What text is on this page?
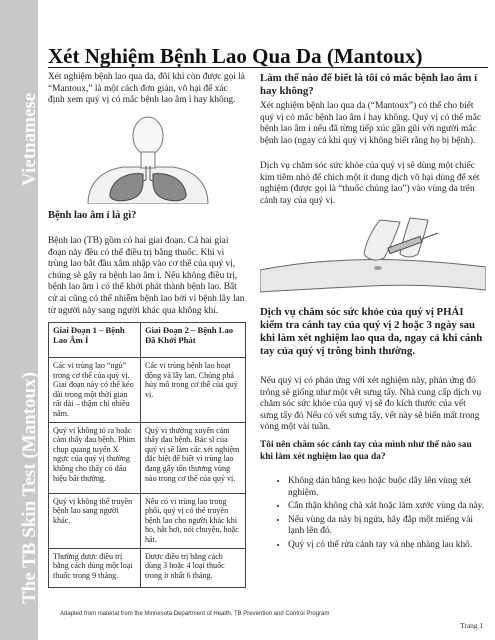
Vietnamese
The TB Skin Test (Mantoux)
Xét Nghiệm Bệnh Lao Qua Da (Mantoux)

Xét nghiệm bệnh lao qua da, đôi khi còn được gọi là “Mantoux,” là một cách đơn giản, vô hại để xác định xem quý vị có mắc bệnh lao âm ỉ hay không.

Bệnh lao âm ỉ là gì?

Bệnh lao (TB) gồm có hai giai đoạn. Cả hai giai đoạn này đều có thể điều trị bằng thuốc. Khi vi trùng lao bắt đầu xâm nhập vào cơ thể của quý vị, chúng sẽ gây ra bệnh lao âm ỉ. Nếu không điều trị, bệnh lao âm ỉ có thể khởi phát thành bệnh lao. Bất cứ ai cũng có thể nhiễm bệnh lao bởi vì bệnh lây lan từ người này sang người khác qua không khí.

Giai Đoạn 1 – Bệnh Lao Âm Ỉ	Giai Đoạn 2 – Bệnh Lao Đã Khởi Phát
Các vi trùng lao “ngủ” trong cơ thể của quý vị. Giai đoạn này có thể kéo dài trong một thời gian rất dài – thậm chí nhiều năm.	Các vi trùng bệnh lao hoạt động và lây lan. Chúng phá hủy mô trong cơ thể của quý vị.
Quý vị không tỏ ra hoặc cảm thấy đau bệnh. Phim chụp quang tuyến X ngực của quý vị thường không cho thấy có dấu hiệu bất thường.	Quý vị thường xuyên cảm thấy đau bệnh. Bác sĩ của quý vị sẽ làm các xét nghiệm đặc biệt để biết vi trùng lao đang gây tổn thương vùng nào trong cơ thể của quý vị.
Quý vị không thể truyền bệnh lao sang người khác.	Nếu có vi trùng lao trong phổi, quý vị có thể truyền bệnh lao cho người khác khi ho, hắt hơi, nói chuyện, hoặc hát.
Thường được điều trị bằng cách dùng một loại thuốc trong 9 tháng.	Được điều trị bằng cách dùng 3 hoặc 4 loại thuốc trong ít nhất 6 tháng.
Làm thế nào để biết là tôi có mắc bệnh lao âm ỉ hay không?

Xét nghiệm bệnh lao qua da (“Mantoux”) có thể cho biết quý vị có mắc bệnh lao âm ỉ hay không. Quý vị có thể mắc bệnh lao âm ỉ nếu đã từng tiếp xúc gần gũi với người mắc bệnh lao (ngay cả khi quý vị không biết rằng họ bị bệnh).

Dịch vụ chăm sóc sức khỏe của quý vị sẽ dùng một chiếc kim tiêm nhỏ để chích một ít dung dịch vô hại dùng để xét nghiệm (được gọi là “thuốc chủng lao”) vào vùng da trên cánh tay của quý vị.

Dịch vụ chăm sóc sức khỏe của quý vị PHẢI kiểm tra cánh tay của quý vị 2 hoặc 3 ngày sau khi làm xét nghiệm lao qua da, ngay cả khi cánh tay của quý vị trông bình thường.

Nếu quý vị có phản ứng với xét nghiệm này, phản ứng đó trông sẽ giống như một vết sưng tấy. Nhà cung cấp dịch vụ chăm sóc sức khỏe của quý vị sẽ đo kích thước của vết sưng tấy đó Nếu có vết sưng tấy, vết này sẽ biến mất trong vòng một vài tuần.

Tôi nên chăm sóc cánh tay của mình như thế nào sau khi làm xét nghiệm lao qua da?
• Không dán băng keo hoặc buộc dây lên vùng xét nghiệm.
• Cẩn thận không chà xát hoặc làm xước vùng da này.
• Nếu vùng da này bị ngứa, hãy đắp một miếng vải lạnh lên đó.
• Quý vị có thể rửa cánh tay và nhẹ nhàng lau khô.
Adapted from material from the Minnesota Department of Health, TB Prevention and Control Program
Trang 1
